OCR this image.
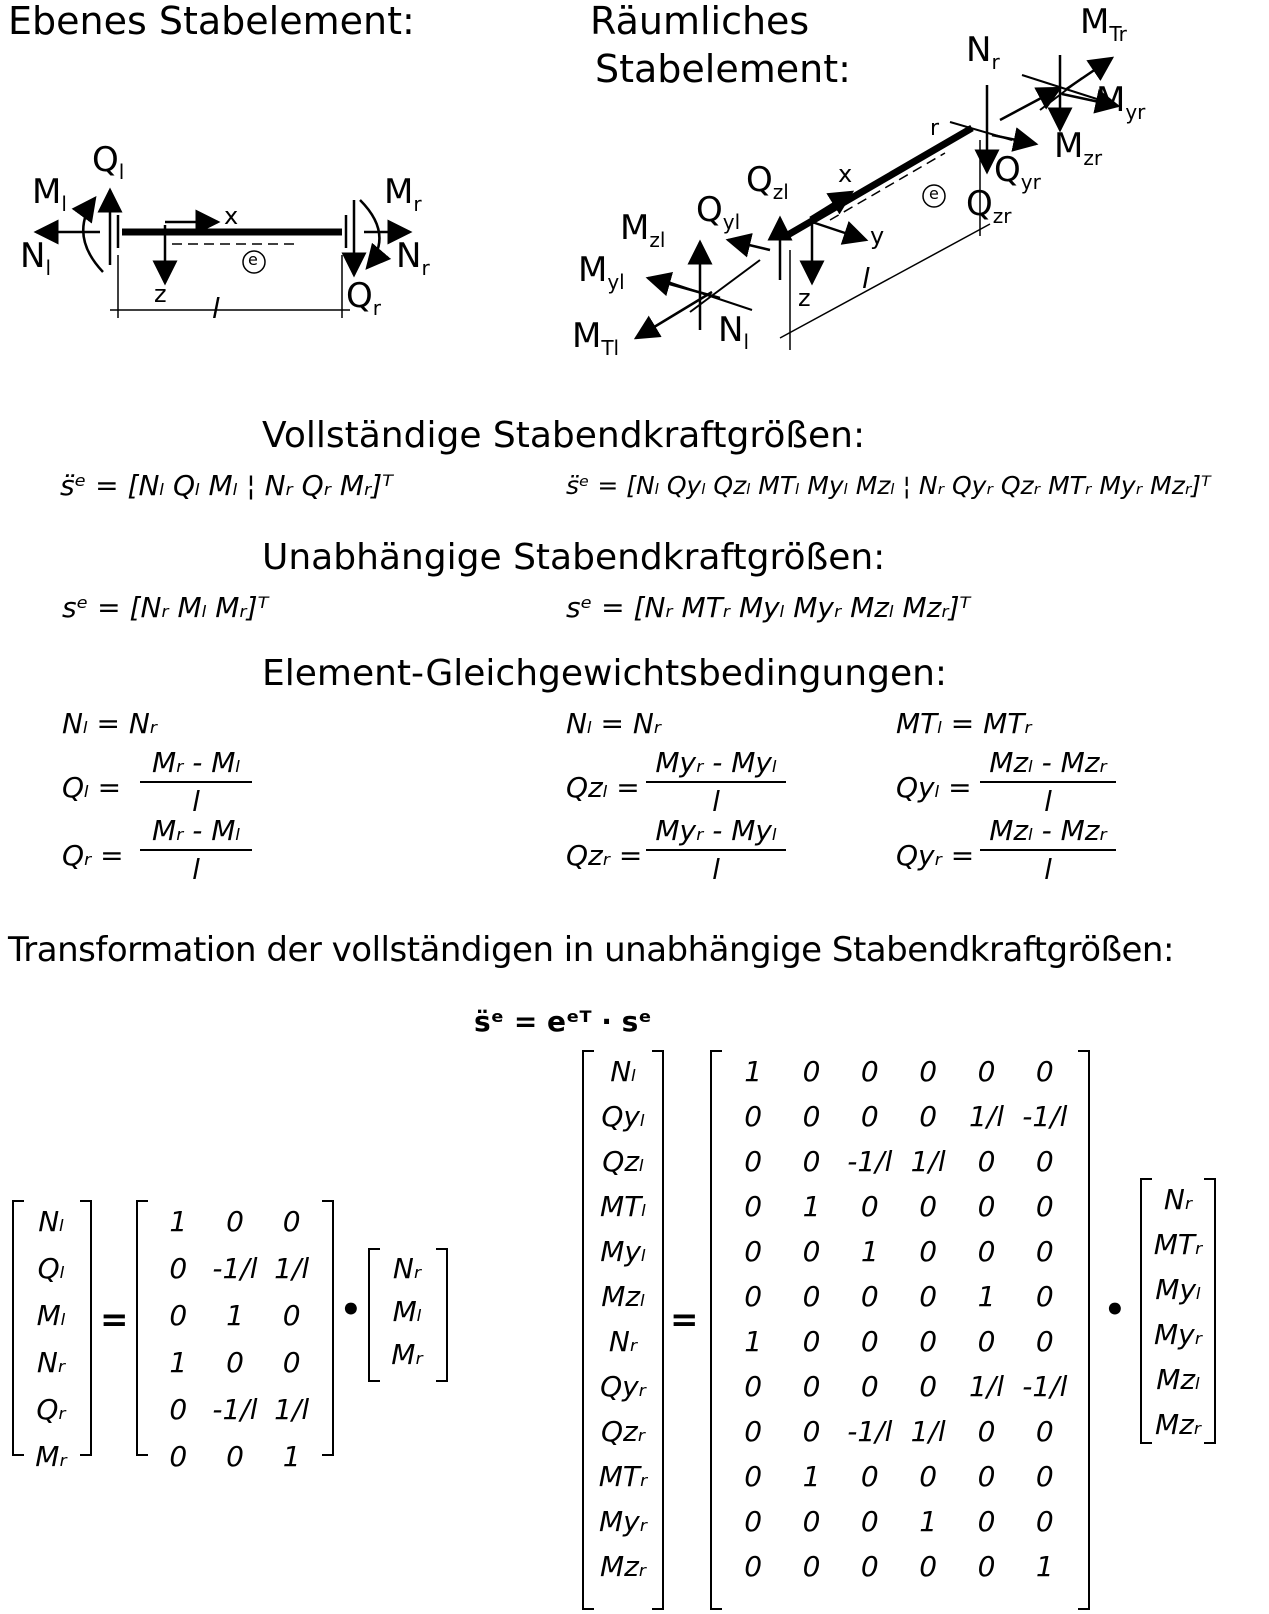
Ebenes Stabelement:	Räumliches
Stabelement:
$Q_l$
$M_l$
$N_l$
$M_r$
$N_r$
$Q_r$
x
z l
e
$M_{Tr}$
$N_r$
$M_{yr}$
$M_{zr}$
$Q_{yr}$
$Q_{zr}$
$Q_{zl}$
$Q_{yl}$
$M_{zl}$
$M_{yl}$
$M_{Tl}$	$N_l$
x
y
z
l
r
e
Vollständige Stabendkraftgrößen:
s̈ᵉ = [Nₗ Qₗ Mₗ ¦ Nᵣ Qᵣ Mᵣ]ᵀ	s̈ᵉ = [Nₗ Qyₗ Qzₗ MTₗ Myₗ Mzₗ ¦ Nᵣ Qyᵣ Qzᵣ MTᵣ Myᵣ Mzᵣ]ᵀ
Unabhängige Stabendkraftgrößen:
sᵉ = [Nᵣ Mₗ Mᵣ]ᵀ	sᵉ = [Nᵣ MTᵣ Myₗ Myᵣ Mzₗ Mzᵣ]ᵀ
Element-Gleichgewichtsbedingungen:
Nₗ = Nᵣ
Qₗ =
Mᵣ - Mₗ
l
Qᵣ =
Mᵣ - Mₗ
l
Nₗ = Nᵣ
Qzₗ =
Myᵣ - Myₗ
l
Qzᵣ =
Myᵣ - Myₗ
l
MTₗ = MTᵣ
Qyₗ =
Mzₗ - Mzᵣ
l
Qyᵣ =
Mzₗ - Mzᵣ
l
Transformation der vollständigen in unabhängige Stabendkraftgrößen:
s̈ᵉ = eᵉᵀ · sᵉ
Nₗ
Qₗ
Mₗ
Nᵣ
Qᵣ
Mᵣ
=
1	0	0
0 -1/l 1/l
0	1	0
1	0	0
0 -1/l 1/l
0	0	1
•
Nᵣ
Mₗ
Mᵣ
Nₗ
Qyₗ
Qzₗ
MTₗ
Myₗ
Mzₗ
Nᵣ
Qyᵣ
Qzᵣ
MTᵣ
Myᵣ
Mzᵣ
=
1	0	0	0	0	0
0	0	0	0	1/l -1/l
0	0 -1/l 1/l	0	0
0	1	0	0	0	0
0	0	1	0	0	0
0	0	0	0	1	0
1	0	0	0	0	0
0	0	0	0	1/l -1/l
0	0 -1/l 1/l	0	0
0	1	0	0	0	0
0	0	0	1	0	0
0	0	0	0	0	1
•
Nᵣ
MTᵣ
Myₗ
Myᵣ
Mzₗ
Mzᵣ
